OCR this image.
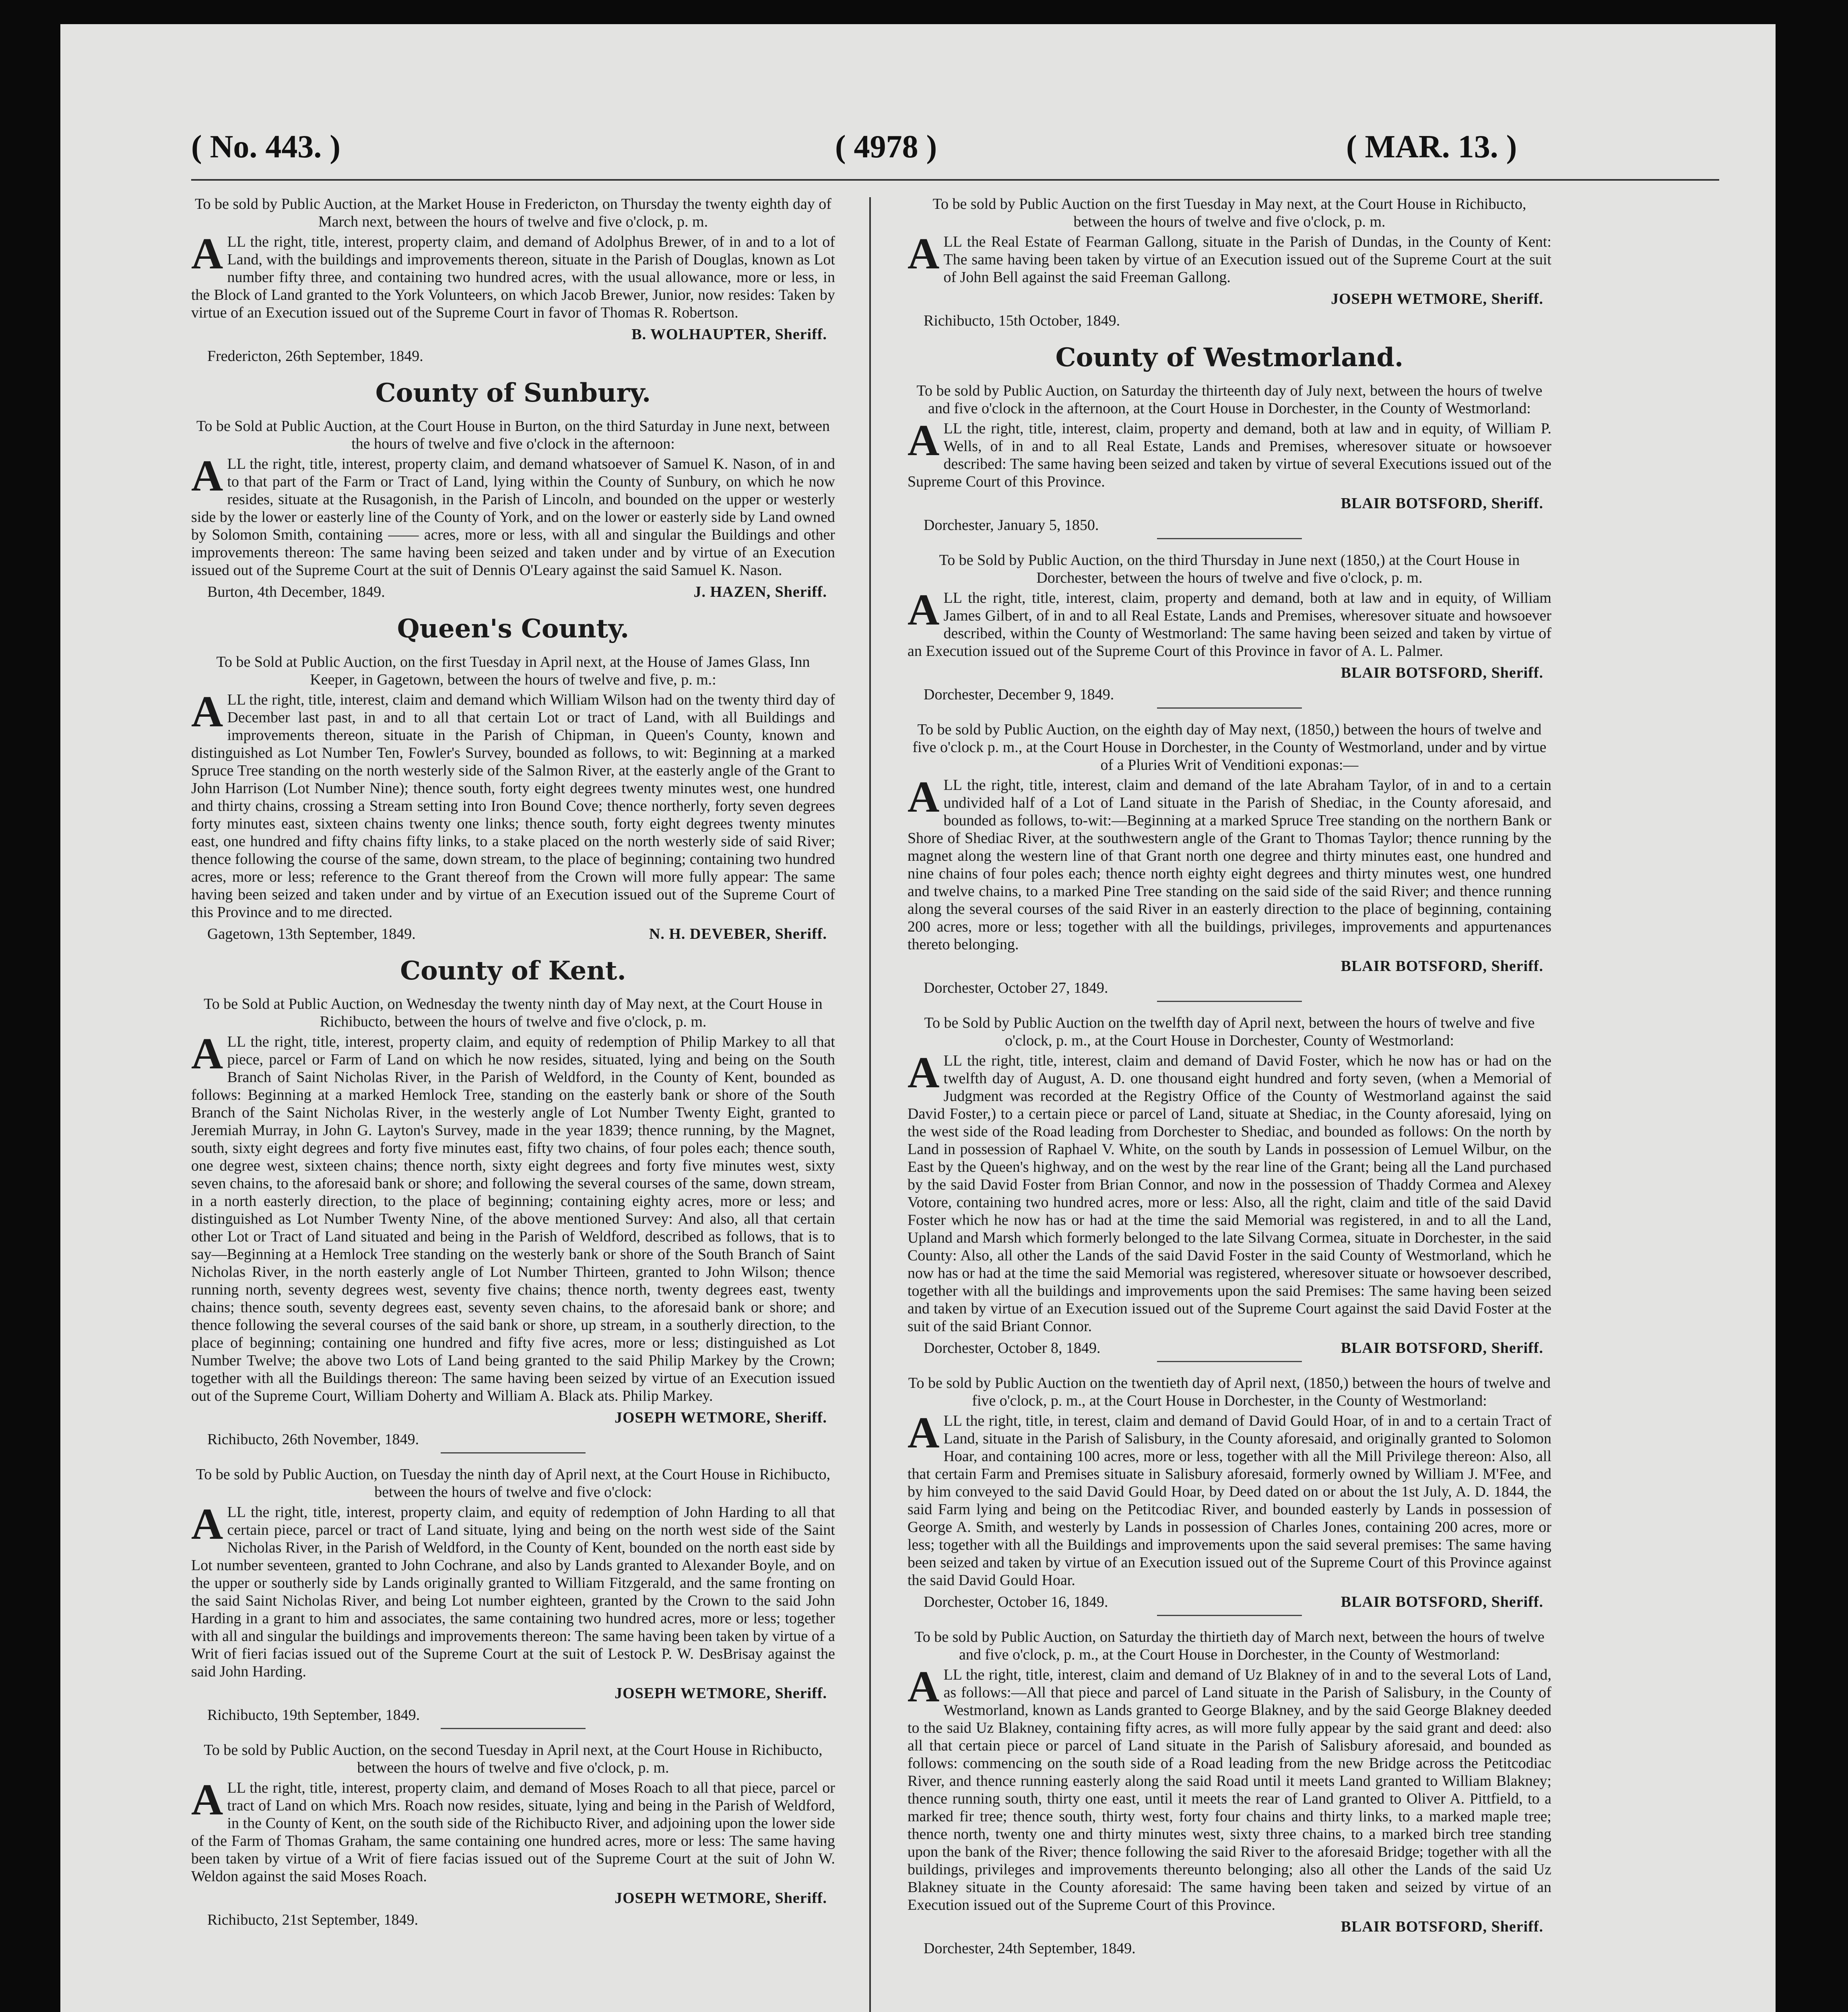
( No. 443. )	( 4978 )	( MAR. 13. )

To be sold by Public Auction, at the Market House in Fredericton, on Thursday the twenty eighth day of March next, between the hours of twelve and five o'clock, p. m.

ALL the right, title, interest, property claim, and demand of Adolphus Brewer, of in and to a lot of Land, with the buildings and improvements thereon, situate in the Parish of Douglas, known as Lot number fifty three, and containing two hundred acres, with the usual allowance, more or less, in the Block of Land granted to the York Volunteers, on which Jacob Brewer, Junior, now resides: Taken by virtue of an Execution issued out of the Supreme Court in favor of Thomas R. Robertson.

B. WOLHAUPTER, Sheriff.
Fredericton, 26th September, 1849.
County of Sunbury.

To be Sold at Public Auction, at the Court House in Burton, on the third Saturday in June next, between the hours of twelve and five o'clock in the afternoon:

ALL the right, title, interest, property claim, and demand whatsoever of Samuel K. Nason, of in and to that part of the Farm or Tract of Land, lying within the County of Sunbury, on which he now resides, situate at the Rusagonish, in the Parish of Lincoln, and bounded on the upper or westerly side by the lower or easterly line of the County of York, and on the lower or easterly side by Land owned by Solomon Smith, containing —— acres, more or less, with all and singular the Buildings and other improvements thereon: The same having been seized and taken under and by virtue of an Execution issued out of the Supreme Court at the suit of Dennis O'Leary against the said Samuel K. Nason.

Burton, 4th December, 1849.	J. HAZEN, Sheriff.
Queen's County.

To be Sold at Public Auction, on the first Tuesday in April next, at the House of James Glass, Inn Keeper, in Gagetown, between the hours of twelve and five, p. m.:

ALL the right, title, interest, claim and demand which William Wilson had on the twenty third day of December last past, in and to all that certain Lot or tract of Land, with all Buildings and improvements thereon, situate in the Parish of Chipman, in Queen's County, known and distinguished as Lot Number Ten, Fowler's Survey, bounded as follows, to wit: Beginning at a marked Spruce Tree standing on the north westerly side of the Salmon River, at the easterly angle of the Grant to John Harrison (Lot Number Nine); thence south, forty eight degrees twenty minutes west, one hundred and thirty chains, crossing a Stream setting into Iron Bound Cove; thence northerly, forty seven degrees forty minutes east, sixteen chains twenty one links; thence south, forty eight degrees twenty minutes east, one hundred and fifty chains fifty links, to a stake placed on the north westerly side of said River; thence following the course of the same, down stream, to the place of beginning; containing two hundred acres, more or less; reference to the Grant thereof from the Crown will more fully appear: The same having been seized and taken under and by virtue of an Execution issued out of the Supreme Court of this Province and to me directed.

Gagetown, 13th September, 1849.	N. H. DEVEBER, Sheriff.
County of Kent.

To be Sold at Public Auction, on Wednesday the twenty ninth day of May next, at the Court House in Richibucto, between the hours of twelve and five o'clock, p. m.

ALL the right, title, interest, property claim, and equity of redemption of Philip Markey to all that piece, parcel or Farm of Land on which he now resides, situated, lying and being on the South Branch of Saint Nicholas River, in the Parish of Weldford, in the County of Kent, bounded as follows: Beginning at a marked Hemlock Tree, standing on the easterly bank or shore of the South Branch of the Saint Nicholas River, in the westerly angle of Lot Number Twenty Eight, granted to Jeremiah Murray, in John G. Layton's Survey, made in the year 1839; thence running, by the Magnet, south, sixty eight degrees and forty five minutes east, fifty two chains, of four poles each; thence south, one degree west, sixteen chains; thence north, sixty eight degrees and forty five minutes west, sixty seven chains, to the aforesaid bank or shore; and following the several courses of the same, down stream, in a north easterly direction, to the place of beginning; containing eighty acres, more or less; and distinguished as Lot Number Twenty Nine, of the above mentioned Survey: And also, all that certain other Lot or Tract of Land situated and being in the Parish of Weldford, described as follows, that is to say—Beginning at a Hemlock Tree standing on the westerly bank or shore of the South Branch of Saint Nicholas River, in the north easterly angle of Lot Number Thirteen, granted to John Wilson; thence running north, seventy degrees west, seventy five chains; thence north, twenty degrees east, twenty chains; thence south, seventy degrees east, seventy seven chains, to the aforesaid bank or shore; and thence following the several courses of the said bank or shore, up stream, in a southerly direction, to the place of beginning; containing one hundred and fifty five acres, more or less; distinguished as Lot Number Twelve; the above two Lots of Land being granted to the said Philip Markey by the Crown; together with all the Buildings thereon: The same having been seized by virtue of an Execution issued out of the Supreme Court, William Doherty and William A. Black ats. Philip Markey.

JOSEPH WETMORE, Sheriff.
Richibucto, 26th November, 1849.

To be sold by Public Auction, on Tuesday the ninth day of April next, at the Court House in Richibucto, between the hours of twelve and five o'clock:

ALL the right, title, interest, property claim, and equity of redemption of John Harding to all that certain piece, parcel or tract of Land situate, lying and being on the north west side of the Saint Nicholas River, in the Parish of Weldford, in the County of Kent, bounded on the north east side by Lot number seventeen, granted to John Cochrane, and also by Lands granted to Alexander Boyle, and on the upper or southerly side by Lands originally granted to William Fitzgerald, and the same fronting on the said Saint Nicholas River, and being Lot number eighteen, granted by the Crown to the said John Harding in a grant to him and associates, the same containing two hundred acres, more or less; together with all and singular the buildings and improvements thereon: The same having been taken by virtue of a Writ of fieri facias issued out of the Supreme Court at the suit of Lestock P. W. DesBrisay against the said John Harding.

JOSEPH WETMORE, Sheriff.
Richibucto, 19th September, 1849.

To be sold by Public Auction, on the second Tuesday in April next, at the Court House in Richibucto, between the hours of twelve and five o'clock, p. m.

ALL the right, title, interest, property claim, and demand of Moses Roach to all that piece, parcel or tract of Land on which Mrs. Roach now resides, situate, lying and being in the Parish of Weldford, in the County of Kent, on the south side of the Richibucto River, and adjoining upon the lower side of the Farm of Thomas Graham, the same containing one hundred acres, more or less: The same having been taken by virtue of a Writ of fiere facias issued out of the Supreme Court at the suit of John W. Weldon against the said Moses Roach.

JOSEPH WETMORE, Sheriff.
Richibucto, 21st September, 1849.

To be sold by Public Auction on the first Tuesday in May next, at the Court House in Richibucto, between the hours of twelve and five o'clock, p. m.

ALL the Real Estate of Fearman Gallong, situate in the Parish of Dundas, in the County of Kent: The same having been taken by virtue of an Execution issued out of the Supreme Court at the suit of John Bell against the said Freeman Gallong.

JOSEPH WETMORE, Sheriff.
Richibucto, 15th October, 1849.
County of Westmorland.

To be sold by Public Auction, on Saturday the thirteenth day of July next, between the hours of twelve and five o'clock in the afternoon, at the Court House in Dorchester, in the County of Westmorland:

ALL the right, title, interest, claim, property and demand, both at law and in equity, of William P. Wells, of in and to all Real Estate, Lands and Premises, wheresover situate or howsoever described: The same having been seized and taken by virtue of several Executions issued out of the Supreme Court of this Province.

BLAIR BOTSFORD, Sheriff.
Dorchester, January 5, 1850.

To be Sold by Public Auction, on the third Thursday in June next (1850,) at the Court House in Dorchester, between the hours of twelve and five o'clock, p. m.

ALL the right, title, interest, claim, property and demand, both at law and in equity, of William James Gilbert, of in and to all Real Estate, Lands and Premises, wheresover situate and howsoever described, within the County of Westmorland: The same having been seized and taken by virtue of an Execution issued out of the Supreme Court of this Province in favor of A. L. Palmer.

BLAIR BOTSFORD, Sheriff.
Dorchester, December 9, 1849.

To be sold by Public Auction, on the eighth day of May next, (1850,) between the hours of twelve and five o'clock p. m., at the Court House in Dorchester, in the County of Westmorland, under and by virtue of a Pluries Writ of Venditioni exponas:—

ALL the right, title, interest, claim and demand of the late Abraham Taylor, of in and to a certain undivided half of a Lot of Land situate in the Parish of Shediac, in the County aforesaid, and bounded as follows, to-wit:—Beginning at a marked Spruce Tree standing on the northern Bank or Shore of Shediac River, at the southwestern angle of the Grant to Thomas Taylor; thence running by the magnet along the western line of that Grant north one degree and thirty minutes east, one hundred and nine chains of four poles each; thence north eighty eight degrees and thirty minutes west, one hundred and twelve chains, to a marked Pine Tree standing on the said side of the said River; and thence running along the several courses of the said River in an easterly direction to the place of beginning, containing 200 acres, more or less; together with all the buildings, privileges, improvements and appurtenances thereto belonging.

BLAIR BOTSFORD, Sheriff.
Dorchester, October 27, 1849.

To be Sold by Public Auction on the twelfth day of April next, between the hours of twelve and five o'clock, p. m., at the Court House in Dorchester, County of Westmorland:

ALL the right, title, interest, claim and demand of David Foster, which he now has or had on the twelfth day of August, A. D. one thousand eight hundred and forty seven, (when a Memorial of Judgment was recorded at the Registry Office of the County of Westmorland against the said David Foster,) to a certain piece or parcel of Land, situate at Shediac, in the County aforesaid, lying on the west side of the Road leading from Dorchester to Shediac, and bounded as follows: On the north by Land in possession of Raphael V. White, on the south by Lands in possession of Lemuel Wilbur, on the East by the Queen's highway, and on the west by the rear line of the Grant; being all the Land purchased by the said David Foster from Brian Connor, and now in the possession of Thaddy Cormea and Alexey Votore, containing two hundred acres, more or less: Also, all the right, claim and title of the said David Foster which he now has or had at the time the said Memorial was registered, in and to all the Land, Upland and Marsh which formerly belonged to the late Silvang Cormea, situate in Dorchester, in the said County: Also, all other the Lands of the said David Foster in the said County of Westmorland, which he now has or had at the time the said Memorial was registered, wheresover situate or howsoever described, together with all the buildings and improvements upon the said Premises: The same having been seized and taken by virtue of an Execution issued out of the Supreme Court against the said David Foster at the suit of the said Briant Connor.

Dorchester, October 8, 1849.	BLAIR BOTSFORD, Sheriff.

To be sold by Public Auction on the twentieth day of April next, (1850,) between the hours of twelve and five o'clock, p. m., at the Court House in Dorchester, in the County of Westmorland:

ALL the right, title, in terest, claim and demand of David Gould Hoar, of in and to a certain Tract of Land, situate in the Parish of Salisbury, in the County aforesaid, and originally granted to Solomon Hoar, and containing 100 acres, more or less, together with all the Mill Privilege thereon: Also, all that certain Farm and Premises situate in Salisbury aforesaid, formerly owned by William J. M'Fee, and by him conveyed to the said David Gould Hoar, by Deed dated on or about the 1st July, A. D. 1844, the said Farm lying and being on the Petitcodiac River, and bounded easterly by Lands in possession of George A. Smith, and westerly by Lands in possession of Charles Jones, containing 200 acres, more or less; together with all the Buildings and improvements upon the said several premises: The same having been seized and taken by virtue of an Execution issued out of the Supreme Court of this Province against the said David Gould Hoar.

Dorchester, October 16, 1849.	BLAIR BOTSFORD, Sheriff.

To be sold by Public Auction, on Saturday the thirtieth day of March next, between the hours of twelve and five o'clock, p. m., at the Court House in Dorchester, in the County of Westmorland:

ALL the right, title, interest, claim and demand of Uz Blakney of in and to the several Lots of Land, as follows:—All that piece and parcel of Land situate in the Parish of Salisbury, in the County of Westmorland, known as Lands granted to George Blakney, and by the said George Blakney deeded to the said Uz Blakney, containing fifty acres, as will more fully appear by the said grant and deed: also all that certain piece or parcel of Land situate in the Parish of Salisbury aforesaid, and bounded as follows: commencing on the south side of a Road leading from the new Bridge across the Petitcodiac River, and thence running easterly along the said Road until it meets Land granted to William Blakney; thence running south, thirty one east, until it meets the rear of Land granted to Oliver A. Pittfield, to a marked fir tree; thence south, thirty west, forty four chains and thirty links, to a marked maple tree; thence north, twenty one and thirty minutes west, sixty three chains, to a marked birch tree standing upon the bank of the River; thence following the said River to the aforesaid Bridge; together with all the buildings, privileges and improvements thereunto belonging; also all other the Lands of the said Uz Blakney situate in the County aforesaid: The same having been taken and seized by virtue of an Execution issued out of the Supreme Court of this Province.

BLAIR BOTSFORD, Sheriff.
Dorchester, 24th September, 1849.
